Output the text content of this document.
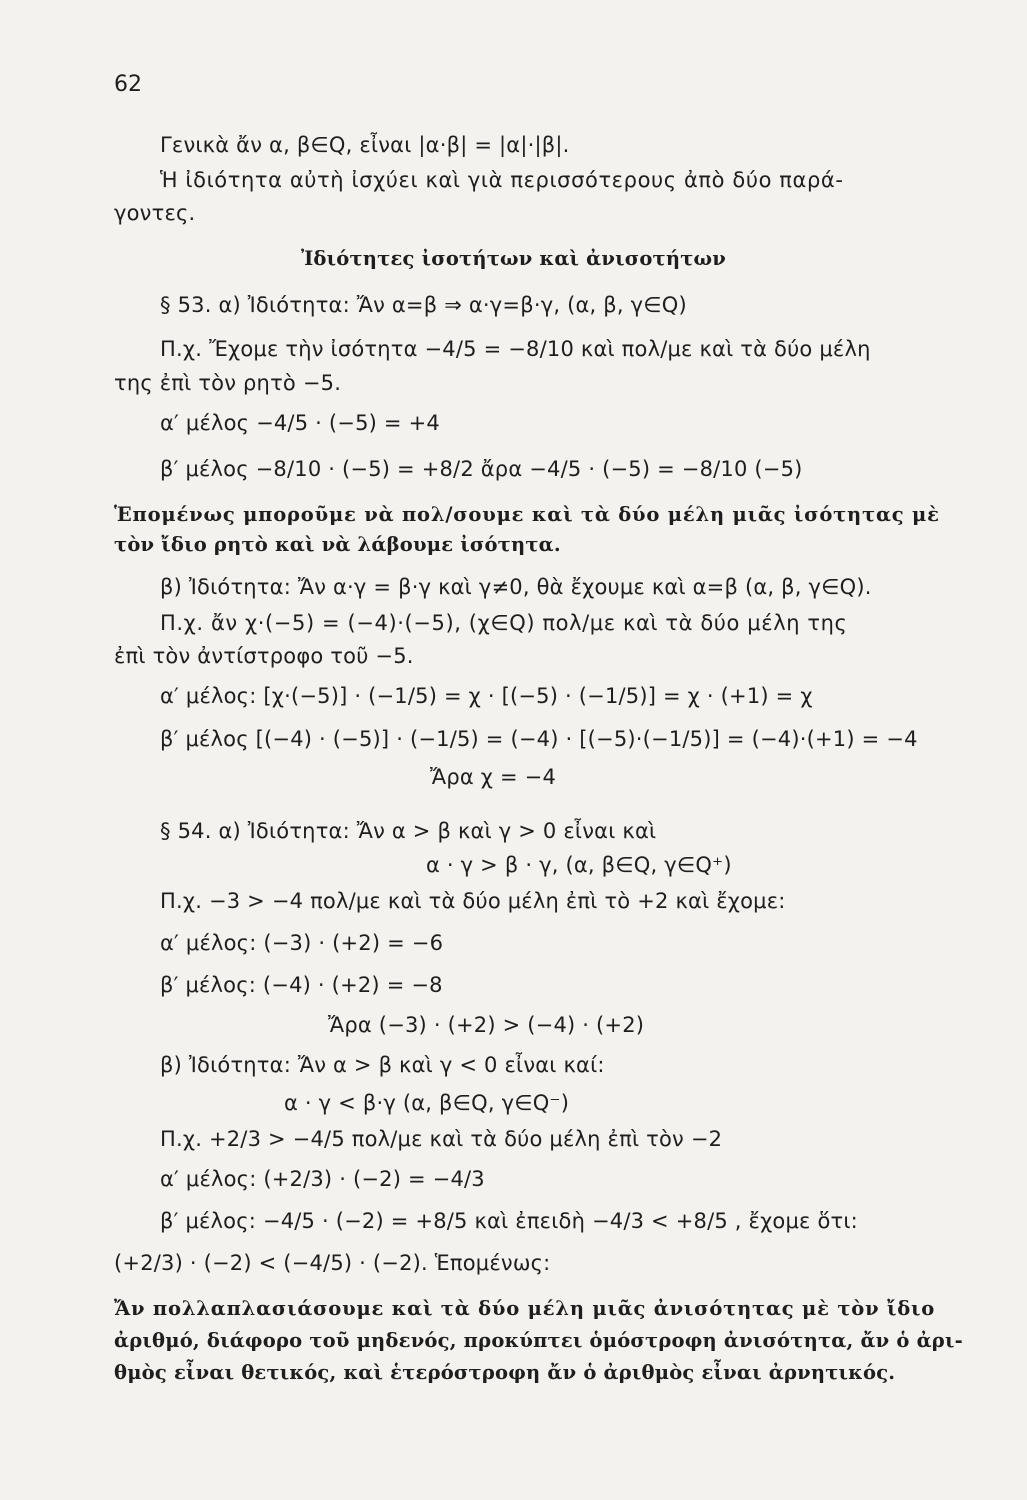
62
Γενικὰ ἄν α, β∈Q, εἶναι |α·β| = |α|·|β|.
Ἡ ἰδιότητα αὐτὴ ἰσχύει καὶ γιὰ περισσότερους ἀπὸ δύο παρά-
γοντες.
Ἰδιότητες ἰσοτήτων καὶ ἀνισοτήτων
§ 53. α) Ἰδιότητα: Ἄν α=β ⇒ α·γ=β·γ, (α, β, γ∈Q)
Π.χ. Ἔχομε τὴν ἰσότητα −4/5 = −8/10 καὶ πολ/με καὶ τὰ δύο μέλη
της ἐπὶ τὸν ρητὸ −5.
α′ μέλος −4/5 · (−5) = +4
β′ μέλος −8/10 · (−5) = +8/2 ἄρα −4/5 · (−5) = −8/10 (−5)
Ἑπομένως μποροῦμε νὰ πολ/σουμε καὶ τὰ δύο μέλη μιᾶς ἰσότητας μὲ
τὸν ἴδιο ρητὸ καὶ νὰ λάβουμε ἰσότητα.
β) Ἰδιότητα: Ἄν α·γ = β·γ καὶ γ≠0, θὰ ἔχουμε καὶ α=β (α, β, γ∈Q).
Π.χ. ἄν χ·(−5) = (−4)·(−5), (χ∈Q) πολ/με καὶ τὰ δύο μέλη της
ἐπὶ τὸν ἀντίστροφο τοῦ −5.
α′ μέλος: [χ·(−5)] · (−1/5) = χ · [(−5) · (−1/5)] = χ · (+1) = χ
β′ μέλος [(−4) · (−5)] · (−1/5) = (−4) · [(−5)·(−1/5)] = (−4)·(+1) = −4
Ἄρα χ = −4
§ 54. α) Ἰδιότητα: Ἄν α > β καὶ γ > 0 εἶναι καὶ
α · γ > β · γ, (α, β∈Q, γ∈Q⁺)
Π.χ. −3 > −4 πολ/με καὶ τὰ δύο μέλη ἐπὶ τὸ +2 καὶ ἔχομε:
α′ μέλος: (−3) · (+2) = −6
β′ μέλος: (−4) · (+2) = −8
Ἄρα (−3) · (+2) > (−4) · (+2)
β) Ἰδιότητα: Ἄν α > β καὶ γ < 0 εἶναι καί:
α · γ < β·γ (α, β∈Q, γ∈Q⁻)
Π.χ. +2/3 > −4/5 πολ/με καὶ τὰ δύο μέλη ἐπὶ τὸν −2
α′ μέλος: (+2/3) · (−2) = −4/3
β′ μέλος: −4/5 · (−2) = +8/5 καὶ ἐπειδὴ −4/3 < +8/5 , ἔχομε ὅτι:
(+2/3) · (−2) < (−4/5) · (−2). Ἑπομένως:
Ἄν πολλαπλασιάσουμε καὶ τὰ δύο μέλη μιᾶς ἀνισότητας μὲ τὸν ἴδιο
ἀριθμό, διάφορο τοῦ μηδενός, προκύπτει ὁμόστροφη ἀνισότητα, ἄν ὁ ἀρι-
θμὸς εἶναι θετικός, καὶ ἑτερόστροφη ἄν ὁ ἀριθμὸς εἶναι ἀρνητικός.
